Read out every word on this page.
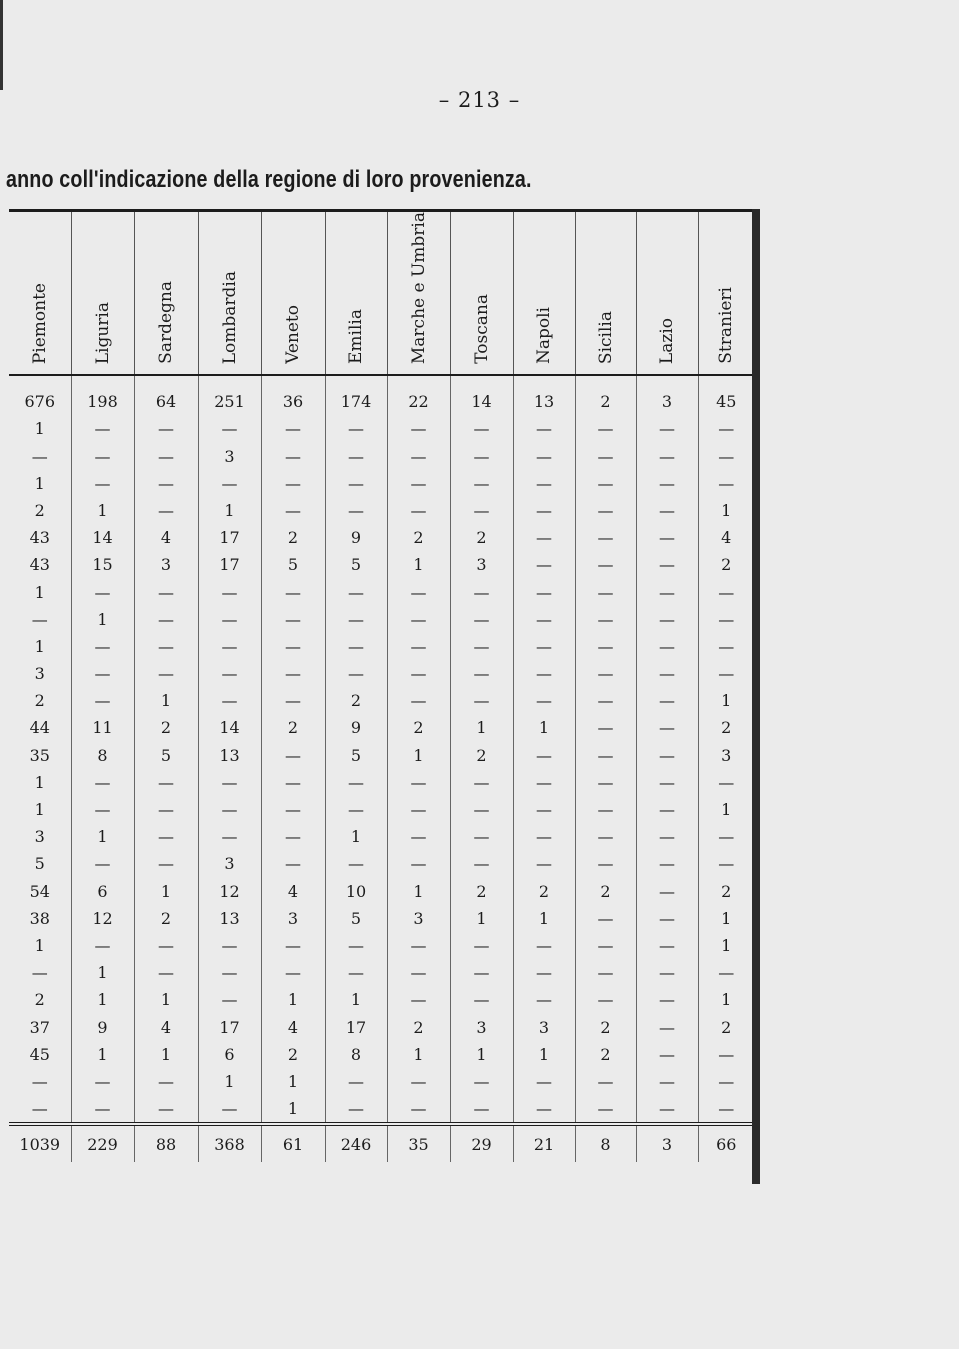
– 213 –
anno coll'indicazione della regione di loro provenienza.
Piemonte	Liguria	Sardegna	Lombardia	Veneto	Emilia	Marche e Umbria	Toscana	Napoli	Sicilia	Lazio	Stranieri

676	198	64	251	36	174	22	14	13	2	3	45
1	—	—	—	—	—	—	—	—	—	—	—
—	—	—	3	—	—	—	—	—	—	—	—
1	—	—	—	—	—	—	—	—	—	—	—
2	1	—	1	—	—	—	—	—	—	—	1
43	14	4	17	2	9	2	2	—	—	—	4
43	15	3	17	5	5	1	3	—	—	—	2
1	—	—	—	—	—	—	—	—	—	—	—
—	1	—	—	—	—	—	—	—	—	—	—
1	—	—	—	—	—	—	—	—	—	—	—
3	—	—	—	—	—	—	—	—	—	—	—
2	—	1	—	—	2	—	—	—	—	—	1
44	11	2	14	2	9	2	1	1	—	—	2
35	8	5	13	—	5	1	2	—	—	—	3
1	—	—	—	—	—	—	—	—	—	—	—
1	—	—	—	—	—	—	—	—	—	—	1
3	1	—	—	—	1	—	—	—	—	—	—
5	—	—	3	—	—	—	—	—	—	—	—
54	6	1	12	4	10	1	2	2	2	—	2
38	12	2	13	3	5	3	1	1	—	—	1
1	—	—	—	—	—	—	—	—	—	—	1
—	1	—	—	—	—	—	—	—	—	—	—
2	1	1	—	1	1	—	—	—	—	—	1
37	9	4	17	4	17	2	3	3	2	—	2
45	1	1	6	2	8	1	1	1	2	—	—
—	—	—	1	1	—	—	—	—	—	—	—
—	—	—	—	1	—	—	—	—	—	—	—
1039	229	88	368	61	246	35	29	21	8	3	66
